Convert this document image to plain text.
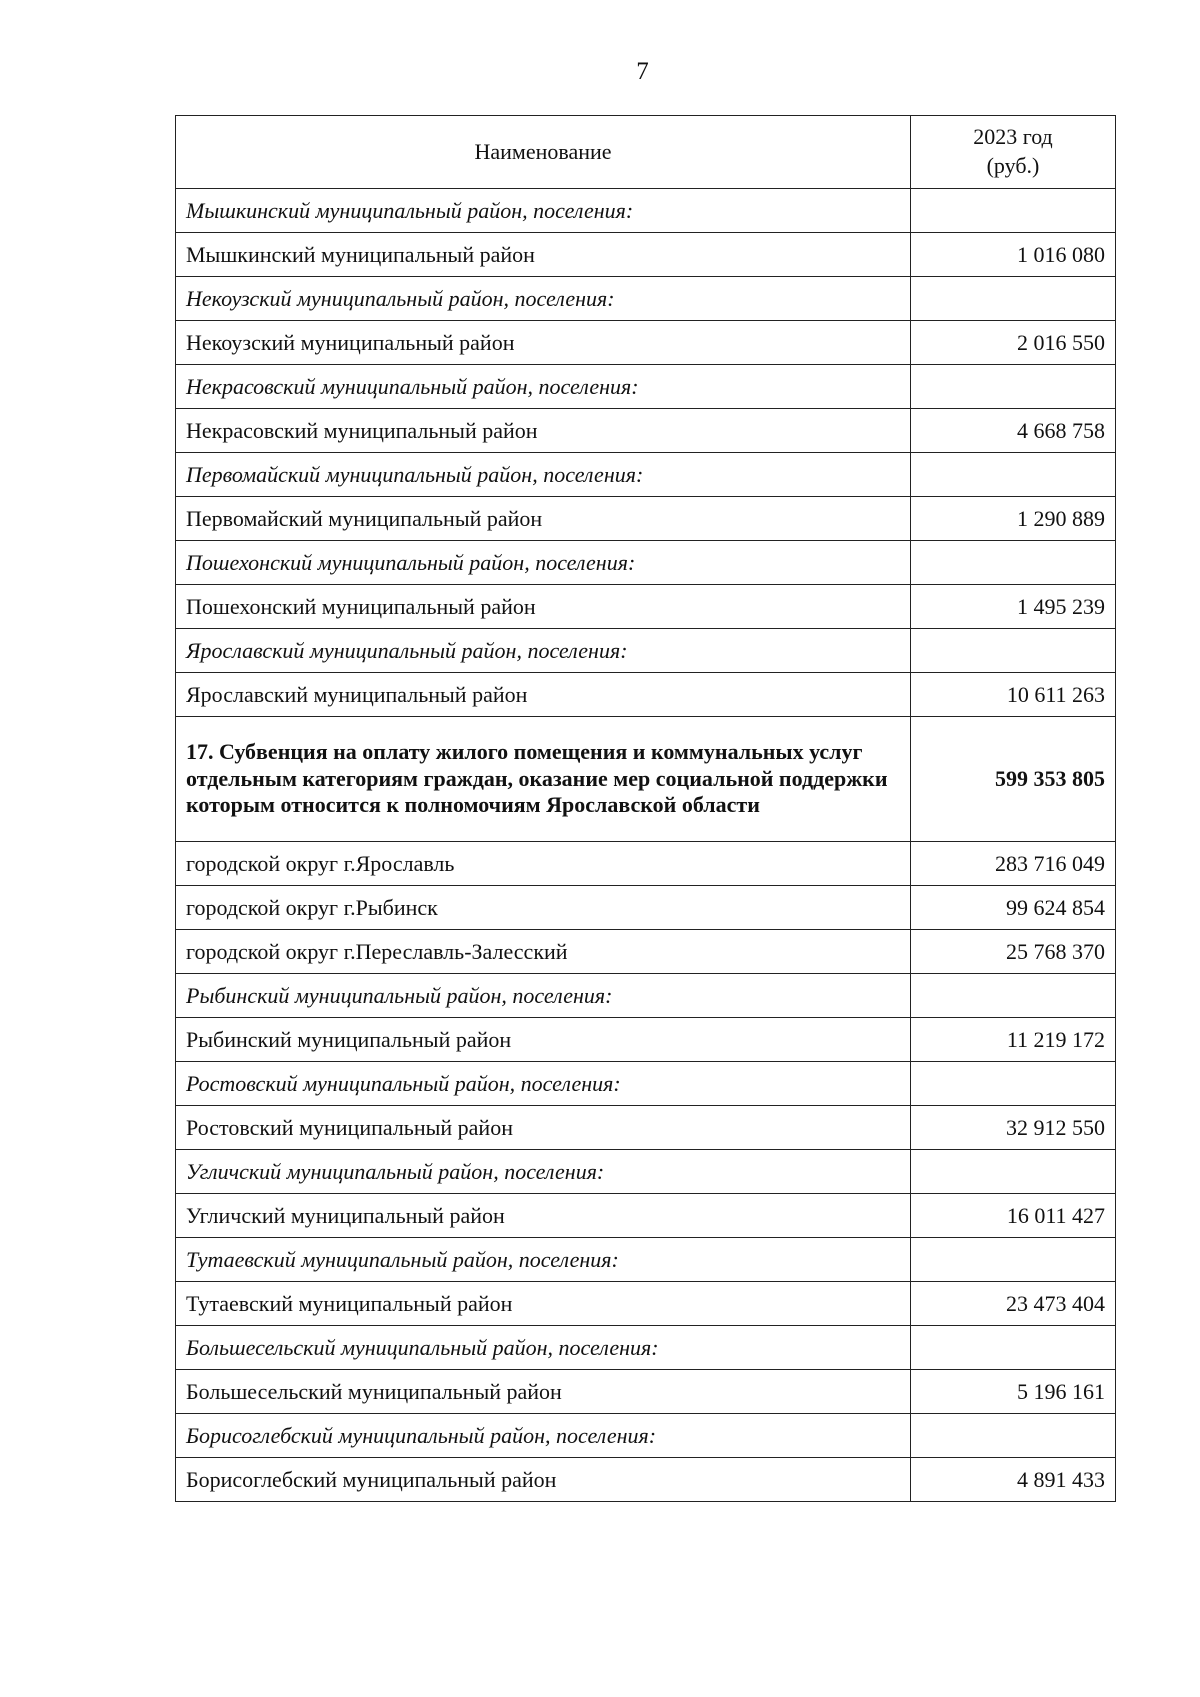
7
Наименование	2023 год
(руб.)

Мышкинский муниципальный район, поселения:	
Мышкинский муниципальный район	1 016 080
Некоузский муниципальный район, поселения:	
Некоузский муниципальный район	2 016 550
Некрасовский муниципальный район, поселения:	
Некрасовский муниципальный район	4 668 758
Первомайский муниципальный район, поселения:	
Первомайский муниципальный район	1 290 889
Пошехонский муниципальный район, поселения:	
Пошехонский муниципальный район	1 495 239
Ярославский муниципальный район, поселения:	
Ярославский муниципальный район	10 611 263
17. Субвенция на оплату жилого помещения и коммунальных услуг отдельным категориям граждан, оказание мер социальной поддержки которым относится к полномочиям Ярославской области	599 353 805
городской округ г.Ярославль	283 716 049
городской округ г.Рыбинск	99 624 854
городской округ г.Переславль-Залесский	25 768 370
Рыбинский муниципальный район, поселения:	
Рыбинский муниципальный район	11 219 172
Ростовский муниципальный район, поселения:	
Ростовский муниципальный район	32 912 550
Угличский муниципальный район, поселения:	
Угличский муниципальный район	16 011 427
Тутаевский муниципальный район, поселения:	
Тутаевский муниципальный район	23 473 404
Большесельский муниципальный район, поселения:	
Большесельский муниципальный район	5 196 161
Борисоглебский муниципальный район, поселения:	
Борисоглебский муниципальный район	4 891 433
